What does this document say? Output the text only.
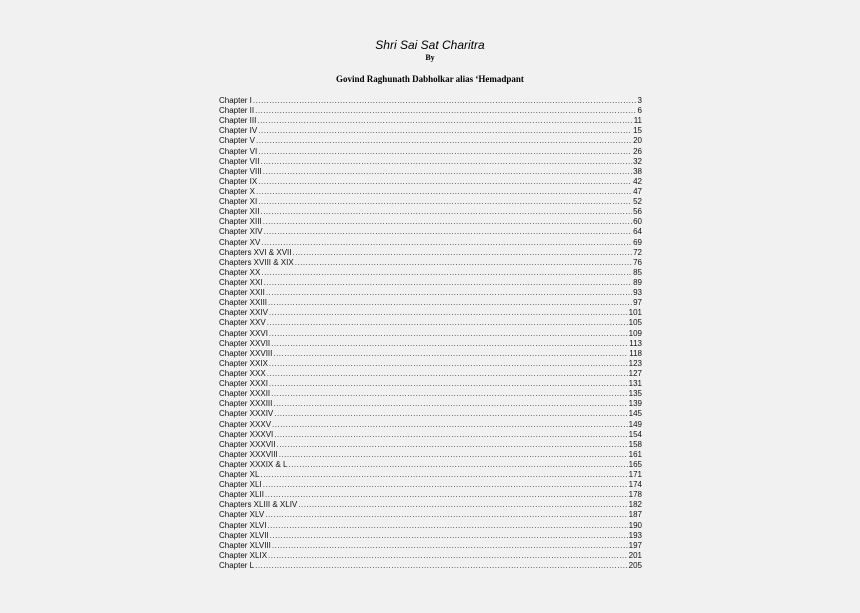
Shri Sai Sat Charitra
By
Govind Raghunath Dabholkar alias ‘Hemadpant
Chapter I .....	3
Chapter II .....	6
Chapter III .....	11
Chapter IV .....	15
Chapter V .....	20
Chapter VI .....	26
Chapter VII .....	32
Chapter VIII .....	38
Chapter IX .....	42
Chapter X .....	47
Chapter XI .....	52
Chapter XII .....	56
Chapter XIII .....	60
Chapter XIV .....	64
Chapter XV .....	69
Chapters XVI & XVII .....	72
Chapters XVIII & XIX .....	76
Chapter XX .....	85
Chapter XXI .....	89
Chapter XXII .....	93
Chapter XXIII .....	97
Chapter XXIV .....	101
Chapter XXV .....	105
Chapter XXVI .....	109
Chapter XXVII .....	113
Chapter XXVIII .....	118
Chapter XXIX .....	123
Chapter XXX .....	127
Chapter XXXI .....	131
Chapter XXXII .....	135
Chapter XXXIII .....	139
Chapter XXXIV .....	145
Chapter XXXV .....	149
Chapter XXXVI .....	154
Chapter XXXVII .....	158
Chapter XXXVIII .....	161
Chapter XXXIX & L .....	165
Chapter XL .....	171
Chapter XLI .....	174
Chapter XLII .....	178
Chapters XLIII & XLIV .....	182
Chapter XLV .....	187
Chapter XLVI .....	190
Chapter XLVII .....	193
Chapter XLVIII .....	197
Chapter XLIX .....	201
Chapter L .....	205
